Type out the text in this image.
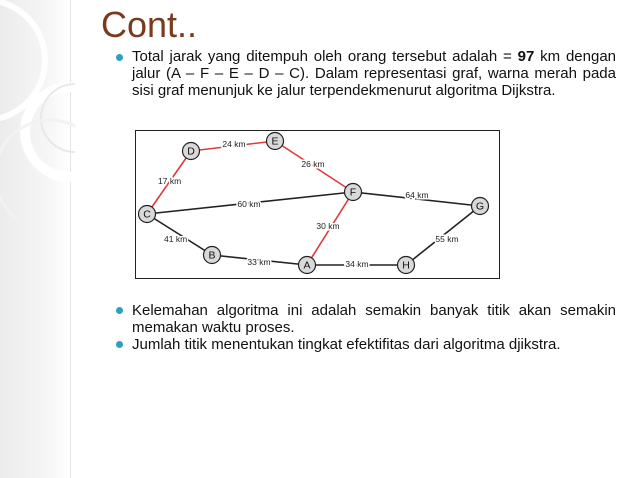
Cont..
Total jarak yang ditempuh oleh orang tersebut adalah = 97 km dengan jalur (A – F – E – D – C). Dalam representasi graf, warna merah pada sisi graf menunjuk ke jalur terpendekmenurut algoritma Dijkstra.
24 km
26 km
17 km
60 km
64 km
30 km
41 km
33 km	34 km
55 km
D
E
C
F
G
B
A	H
Kelemahan algoritma ini adalah semakin banyak titik akan semakin memakan waktu proses.
Jumlah titik menentukan tingkat efektifitas dari algoritma djikstra.
